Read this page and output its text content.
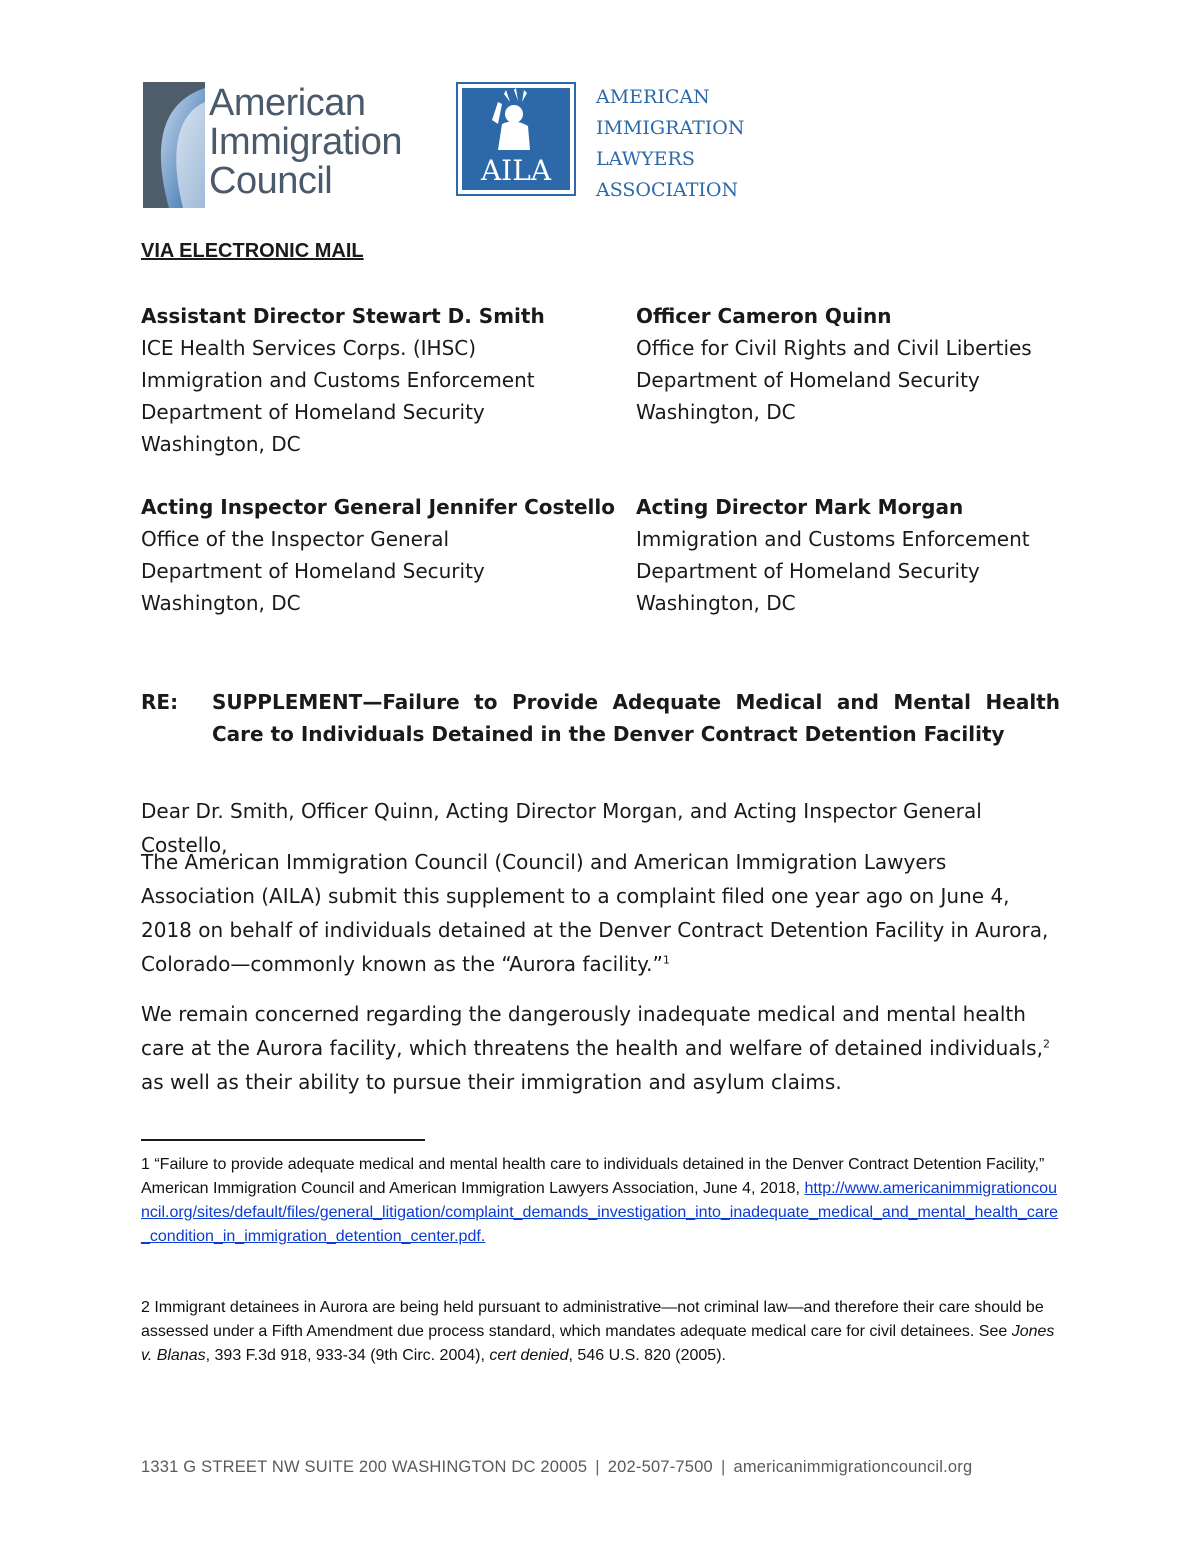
American
Immigration
Council	AILA
AMERICAN
IMMIGRATION
LAWYERS
ASSOCIATION
VIA ELECTRONIC MAIL
Assistant Director Stewart D. Smith
ICE Health Services Corps. (IHSC)
Immigration and Customs Enforcement
Department of Homeland Security
Washington, DC
Officer Cameron Quinn
Office for Civil Rights and Civil Liberties
Department of Homeland Security
Washington, DC
Acting Inspector General Jennifer Costello
Office of the Inspector General
Department of Homeland Security
Washington, DC
Acting Director Mark Morgan
Immigration and Customs Enforcement
Department of Homeland Security
Washington, DC
RE: SUPPLEMENT—Failure to Provide Adequate Medical and Mental Health Care to Individuals Detained in the Denver Contract Detention Facility
Dear Dr. Smith, Officer Quinn, Acting Director Morgan, and Acting Inspector General Costello,

The American Immigration Council (Council) and American Immigration Lawyers Association (AILA) submit this supplement to a complaint filed one year ago on June 4, 2018 on behalf of individuals detained at the Denver Contract Detention Facility in Aurora, Colorado—commonly known as the “Aurora facility.”$^1$

We remain concerned regarding the dangerously inadequate medical and mental health care at the Aurora facility, which threatens the health and welfare of detained individuals,$^2$ as well as their ability to pursue their immigration and asylum claims.

1 “Failure to provide adequate medical and mental health care to individuals detained in the Denver Contract Detention Facility,” American Immigration Council and American Immigration Lawyers Association, June 4, 2018, http://www.americanimmigrationcouncil.org/sites/default/files/general_litigation/complaint_demands_investigation_into_inadequate_medical_and_mental_health_care_condition_in_immigration_detention_center.pdf.
2 Immigrant detainees in Aurora are being held pursuant to administrative—not criminal law—and therefore their care should be assessed under a Fifth Amendment due process standard, which mandates adequate medical care for civil detainees. See Jones v. Blanas, 393 F.3d 918, 933-34 (9th Circ. 2004), cert denied, 546 U.S. 820 (2005).
1331 G STREET NW SUITE 200 WASHINGTON DC 20005 | 202-507-7500 | americanimmigrationcouncil.org
